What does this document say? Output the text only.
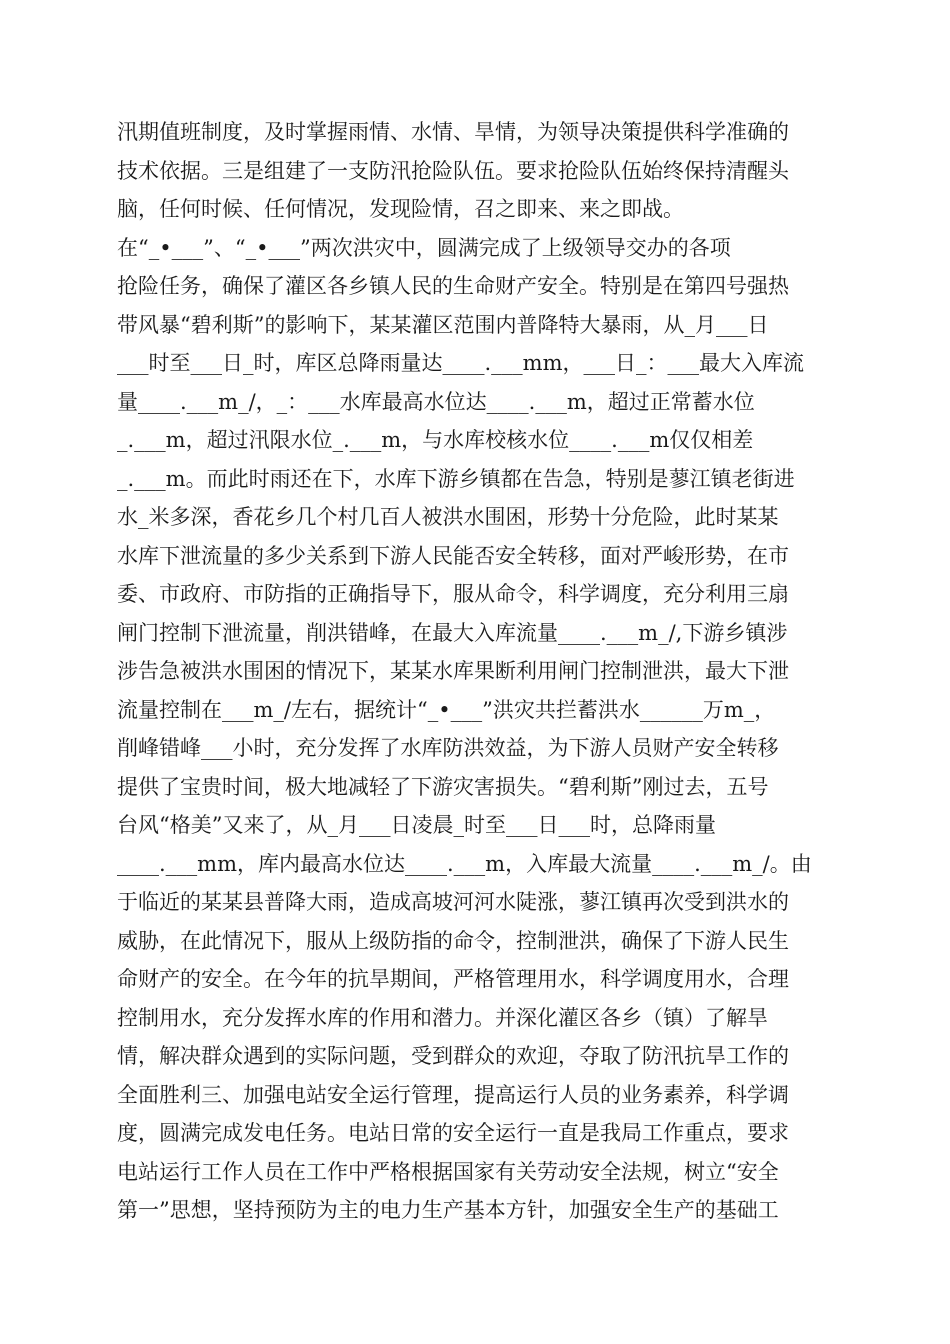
汛期值班制度，及时掌握雨情、水情、旱情，为领导决策提供科学准确的
技术依据。三是组建了一支防汛抢险队伍。要求抢险队伍始终保持清醒头
脑，任何时候、任何情况，发现险情，召之即来、来之即战。
在“_•___”、“_•___”两次洪灾中，圆满完成了上级领导交办的各项
抢险任务，确保了灌区各乡镇人民的生命财产安全。特别是在第四号强热
带风暴“碧利斯”的影响下，某某灌区范围内普降特大暴雨，从_月___日
___时至___日_时，库区总降雨量达____.___mm，___日_：___最大入库流
量____.___m_/，_：___水库最高水位达____.___m，超过正常蓄水位
_.___m，超过汛限水位_.___m，与水库校核水位____.___m仅仅相差
_.___m。而此时雨还在下，水库下游乡镇都在告急，特别是蓼江镇老街进
水_米多深，香花乡几个村几百人被洪水围困，形势十分危险，此时某某
水库下泄流量的多少关系到下游人民能否安全转移，面对严峻形势，在市
委、市政府、市防指的正确指导下，服从命令，科学调度，充分利用三扇
闸门控制下泄流量，削洪错峰，在最大入库流量____.___m_/,下游乡镇涉
涉告急被洪水围困的情况下，某某水库果断利用闸门控制泄洪，最大下泄
流量控制在___m_/左右，据统计“_•___”洪灾共拦蓄洪水______万m_，
削峰错峰___小时，充分发挥了水库防洪效益，为下游人员财产安全转移
提供了宝贵时间，极大地减轻了下游灾害损失。“碧利斯”刚过去，五号
台风“格美”又来了，从_月___日凌晨_时至___日___时，总降雨量
____.___mm，库内最高水位达____.___m，入库最大流量____.___m_/。由
于临近的某某县普降大雨，造成高坡河河水陡涨，蓼江镇再次受到洪水的
威胁，在此情况下，服从上级防指的命令，控制泄洪，确保了下游人民生
命财产的安全。在今年的抗旱期间，严格管理用水，科学调度用水，合理
控制用水，充分发挥水库的作用和潜力。并深化灌区各乡（镇）了解旱
情，解决群众遇到的实际问题，受到群众的欢迎，夺取了防汛抗旱工作的
全面胜利三、加强电站安全运行管理，提高运行人员的业务素养，科学调
度，圆满完成发电任务。电站日常的安全运行一直是我局工作重点，要求
电站运行工作人员在工作中严格根据国家有关劳动安全法规，树立“安全
第一”思想，坚持预防为主的电力生产基本方针，加强安全生产的基础工
